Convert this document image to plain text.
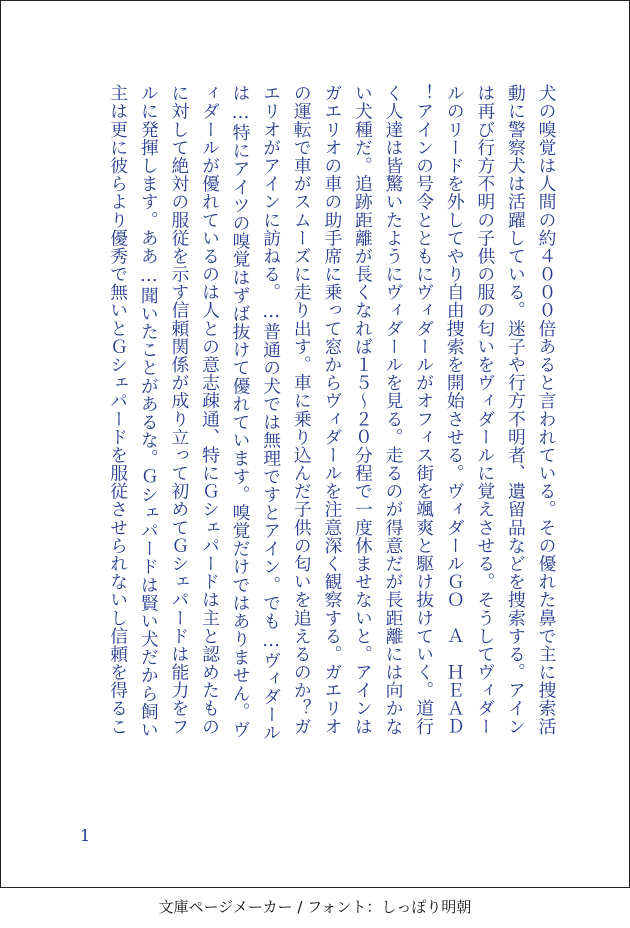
犬の嗅覚は人間の約４０００倍あると言われている。その優れた鼻で主に捜索活
動に警察犬は活躍している。迷子や行方不明者、遺留品などを捜索する。アイン
は再び行方不明の子供の服の匂いをヴィダールに覚えさせる。そうしてヴィダー
ルのリードを外してやり自由捜索を開始させる。ヴィダールＧＯ　Ａ　ＨＥＡＤ
！アインの号令とともにヴィダールがオフィス街を颯爽と駆け抜けていく。道行
く人達は皆驚いたようにヴィダールを見る。走るのが得意だが長距離には向かな
い犬種だ。追跡距離が長くなれば１５～２０分程で一度休ませないと。アインは
ガエリオの車の助手席に乗って窓からヴィダールを注意深く観察する。ガエリオ
の運転で車がスムーズに走り出す。車に乗り込んだ子供の匂いを追えるのか？ガ
エリオがアインに訪ねる。…普通の犬では無理ですとアイン。でも…ヴィダール
は…特にアイツの嗅覚はずば抜けて優れています。嗅覚だけではありません。ヴ
ィダールが優れているのは人との意志疎通、特にＧシェパードは主と認めたもの
に対して絶対の服従を示す信頼関係が成り立って初めてＧシェパードは能力をフ
ルに発揮します。ああ…聞いたことがあるな。Ｇシェパードは賢い犬だから飼い
主は更に彼らより優秀で無いとＧシェパードを服従させられないし信頼を得るこ
1
文庫ページメーカー / フォント：しっぽり明朝
